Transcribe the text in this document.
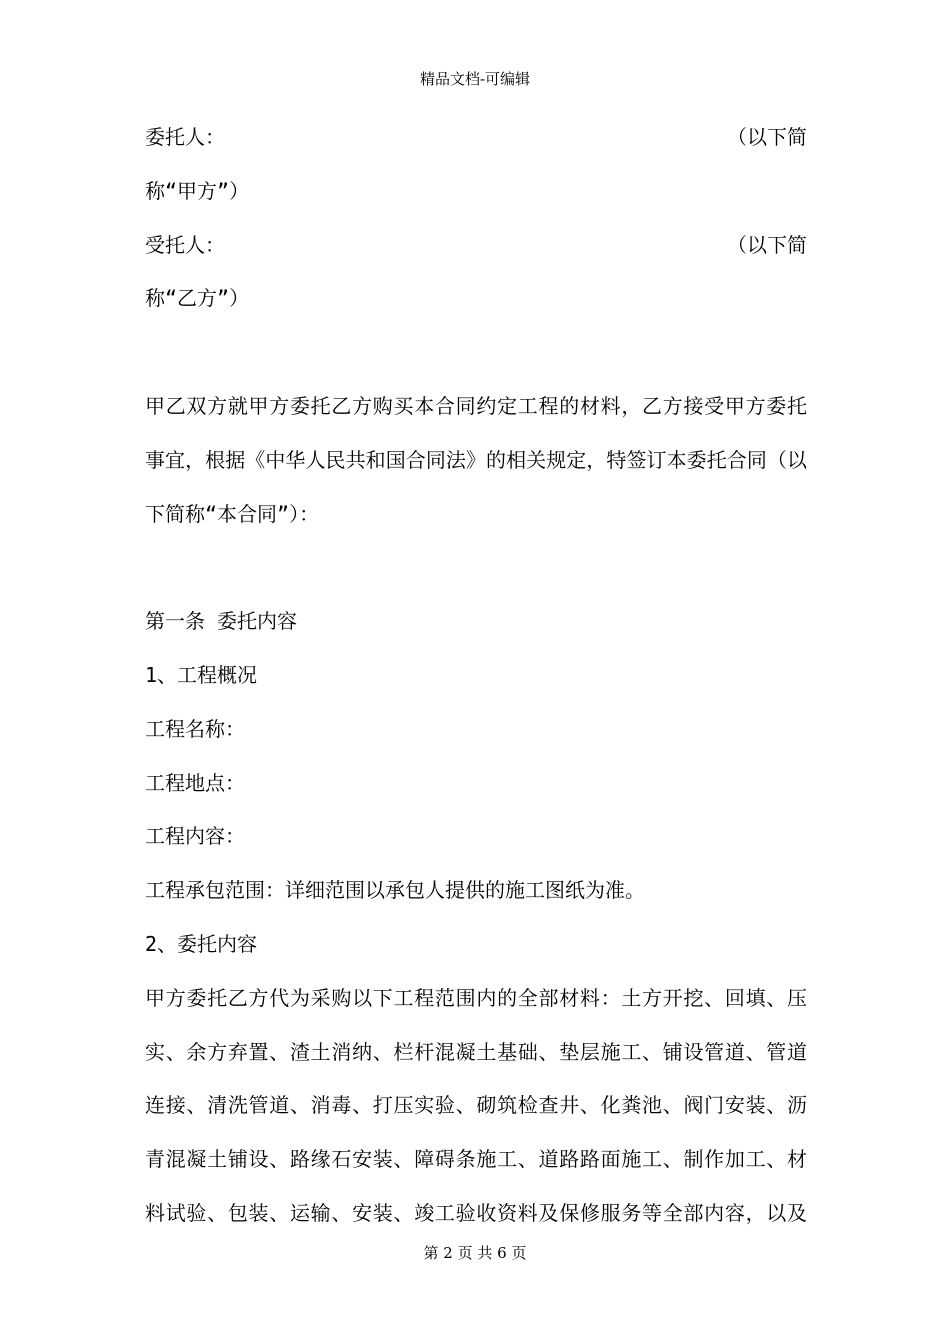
精品文档-可编辑
委托人：	（以下简
称“甲方”）
受托人：	（以下简
称“乙方”）
甲乙双方就甲方委托乙方购买本合同约定工程的材料，乙方接受甲方委托
事宜，根据《中华人民共和国合同法》的相关规定，特签订本委托合同（以
下简称“本合同”）：
第一条 委托内容
1、工程概况
工程名称：
工程地点：
工程内容：
工程承包范围：详细范围以承包人提供的施工图纸为准。
2、委托内容
甲方委托乙方代为采购以下工程范围内的全部材料：土方开挖、回填、压
实、余方弃置、渣土消纳、栏杆混凝土基础、垫层施工、铺设管道、管道
连接、清洗管道、消毒、打压实验、砌筑检查井、化粪池、阀门安装、沥
青混凝土铺设、路缘石安装、障碍条施工、道路路面施工、制作加工、材
料试验、包装、运输、安装、竣工验收资料及保修服务等全部内容，以及
第 2 页 共 6 页
